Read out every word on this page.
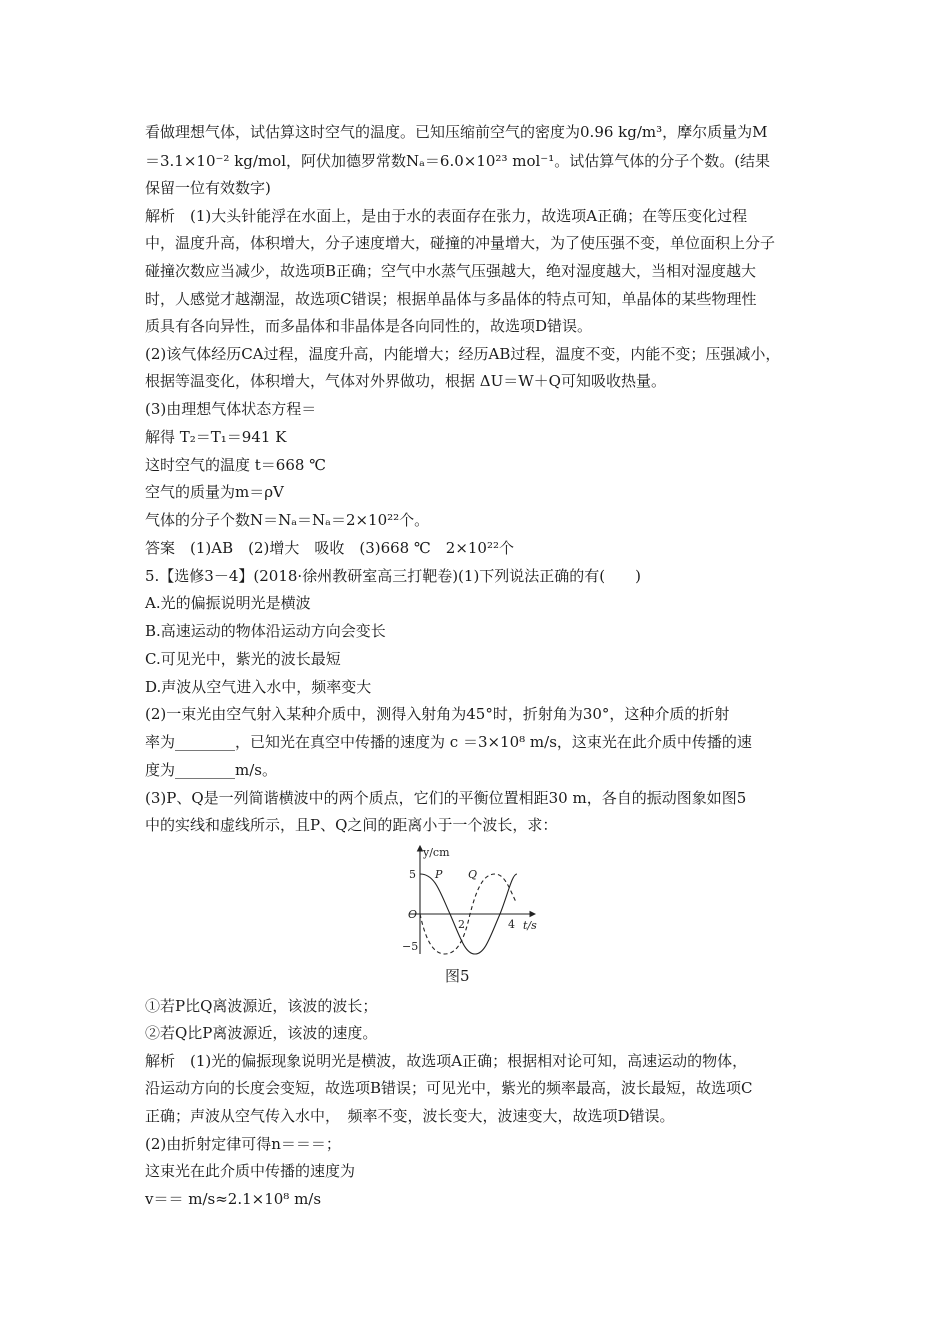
看做理想气体，试估算这时空气的温度。已知压缩前空气的密度为0.96 kg/m³，摩尔质量为M
＝3.1×10⁻² kg/mol，阿伏加德罗常数Nₐ＝6.0×10²³ mol⁻¹。试估算气体的分子个数。(结果
保留一位有效数字)
解析　(1)大头针能浮在水面上，是由于水的表面存在张力，故选项A正确；在等压变化过程
中，温度升高，体积增大，分子速度增大，碰撞的冲量增大，为了使压强不变，单位面积上分子
碰撞次数应当减少，故选项B正确；空气中水蒸气压强越大，绝对湿度越大，当相对湿度越大
时，人感觉才越潮湿，故选项C错误；根据单晶体与多晶体的特点可知，单晶体的某些物理性
质具有各向异性，而多晶体和非晶体是各向同性的，故选项D错误。
(2)该气体经历CA过程，温度升高，内能增大；经历AB过程，温度不变，内能不变；压强减小，
根据等温变化，体积增大，气体对外界做功，根据 ΔU＝W＋Q可知吸收热量。
(3)由理想气体状态方程＝
解得 T₂＝T₁＝941 K
这时空气的温度 t＝668 ℃
空气的质量为m＝ρV
气体的分子个数N＝Nₐ＝Nₐ＝2×10²²个。
答案　(1)AB　(2)增大　吸收　(3)668 ℃　2×10²²个
5.【选修3－4】(2018·徐州教研室高三打靶卷)(1)下列说法正确的有(　　)
A.光的偏振说明光是横波
B.高速运动的物体沿运动方向会变长
C.可见光中，紫光的波长最短
D.声波从空气进入水中，频率变大
(2)一束光由空气射入某种介质中，测得入射角为45°时，折射角为30°，这种介质的折射
率为________，已知光在真空中传播的速度为 c ＝3×10⁸ m/s，这束光在此介质中传播的速
度为________m/s。
(3)P、Q是一列简谐横波中的两个质点，它们的平衡位置相距30 m，各自的振动图象如图5
中的实线和虚线所示，且P、Q之间的距离小于一个波长，求：
y/cm
t/s
O
5
−5
2	4
P Q
图5
①若P比Q离波源近，该波的波长；
②若Q比P离波源近，该波的速度。
解析　(1)光的偏振现象说明光是横波，故选项A正确；根据相对论可知，高速运动的物体，
沿运动方向的长度会变短，故选项B错误；可见光中，紫光的频率最高，波长最短，故选项C
正确；声波从空气传入水中，　频率不变，波长变大，波速变大，故选项D错误。
(2)由折射定律可得n＝＝＝；
这束光在此介质中传播的速度为
v＝＝ m/s≈2.1×10⁸ m/s
